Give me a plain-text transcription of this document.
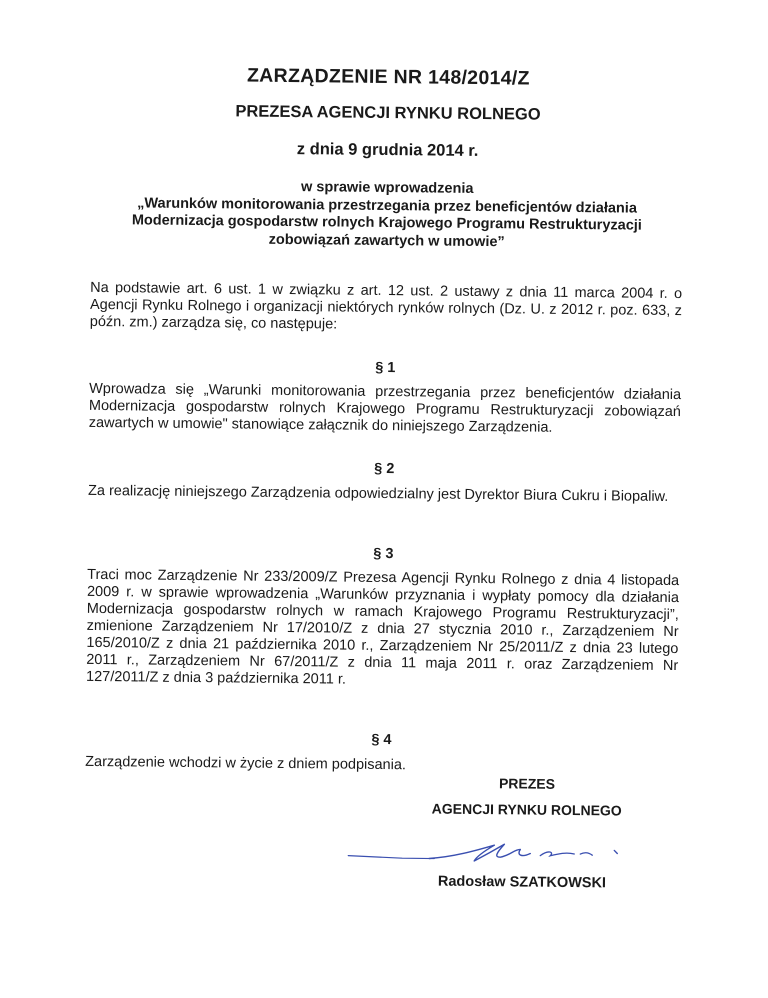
ZARZĄDZENIE NR 148/2014/Z
PREZESA AGENCJI RYNKU ROLNEGO
z dnia 9 grudnia 2014 r.
w sprawie wprowadzenia
„Warunków monitorowania przestrzegania przez beneficjentów działania
Modernizacja gospodarstw rolnych Krajowego Programu Restrukturyzacji
zobowiązań zawartych w umowie”
Na podstawie art. 6 ust. 1 w związku z art. 12 ust. 2 ustawy z dnia 11 marca 2004 r. o Agencji Rynku Rolnego i organizacji niektórych rynków rolnych (Dz. U. z 2012 r. poz. 633, z późn. zm.) zarządza się, co następuje:
§ 1
Wprowadza się „Warunki monitorowania przestrzegania przez beneficjentów działania Modernizacja gospodarstw rolnych Krajowego Programu Restrukturyzacji zobowiązań zawartych w umowie" stanowiące załącznik do niniejszego Zarządzenia.
§ 2
Za realizację niniejszego Zarządzenia odpowiedzialny jest Dyrektor Biura Cukru i Biopaliw.
§ 3
Traci moc Zarządzenie Nr 233/2009/Z Prezesa Agencji Rynku Rolnego z dnia 4 listopada 2009 r. w sprawie wprowadzenia „Warunków przyznania i wypłaty pomocy dla działania Modernizacja gospodarstw rolnych w ramach Krajowego Programu Restrukturyzacji”, zmienione Zarządzeniem Nr 17/2010/Z z dnia 27 stycznia 2010 r., Zarządzeniem Nr 165/2010/Z z dnia 21 października 2010 r., Zarządzeniem Nr 25/2011/Z z dnia 23 lutego 2011 r., Zarządzeniem Nr 67/2011/Z z dnia 11 maja 2011 r. oraz Zarządzeniem Nr 127/2011/Z z dnia 3 października 2011 r.
§ 4
Zarządzenie wchodzi w życie z dniem podpisania.
PREZES
AGENCJI RYNKU ROLNEGO
Radosław SZATKOWSKI
